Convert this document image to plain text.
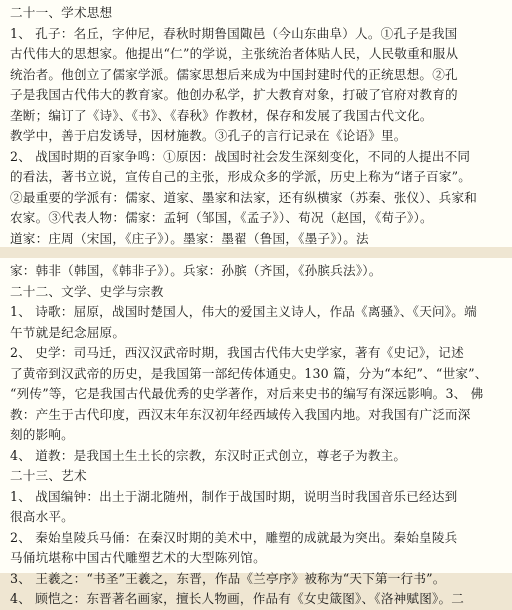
二十一、学术思想
1、 孔子：名丘，字仲尼，春秋时期鲁国陬邑（今山东曲阜）人。①孔子是我国
古代伟大的思想家。他提出“仁”的学说，主张统治者体贴人民，人民敬重和服从
统治者。他创立了儒家学派。儒家思想后来成为中国封建时代的正统思想。②孔
子是我国古代伟大的教育家。他创办私学，扩大教育对象，打破了官府对教育的
垄断；编订了《诗》、《书》、《春秋》作教材，保存和发展了我国古代文化。
教学中，善于启发诱导，因材施教。③孔子的言行记录在《论语》里。
2、 战国时期的百家争鸣：①原因：战国时社会发生深刻变化，不同的人提出不同
的看法，著书立说，宣传自己的主张，形成众多的学派，历史上称为“诸子百家”。
②最重要的学派有：儒家、道家、墨家和法家，还有纵横家（苏秦、张仪）、兵家和
农家。③代表人物：儒家：孟轲（邹国，《孟子》）、荀况（赵国，《荀子》）。
道家：庄周（宋国，《庄子》）。墨家：墨翟（鲁国，《墨子》）。法
家：韩非（韩国，《韩非子》）。兵家：孙膑（齐国，《孙膑兵法》）。
二十二、文学、史学与宗教
1、 诗歌：屈原，战国时楚国人，伟大的爱国主义诗人，作品《离骚》、《天问》。端
午节就是纪念屈原。
2、 史学：司马迁，西汉汉武帝时期，我国古代伟大史学家，著有《史记》，记述
了黄帝到汉武帝的历史，是我国第一部纪传体通史。130 篇，分为“本纪”、“世家”、
“列传”等，它是我国古代最优秀的史学著作，对后来史书的编写有深远影响。3、 佛
教：产生于古代印度，西汉末年东汉初年经西域传入我国内地。对我国有广泛而深
刻的影响。
4、 道教：是我国土生土长的宗教，东汉时正式创立，尊老子为教主。
二十三、艺术
1、 战国编钟：出土于湖北随州，制作于战国时期，说明当时我国音乐已经达到
很高水平。
2、 秦始皇陵兵马俑：在秦汉时期的美术中，雕塑的成就最为突出。秦始皇陵兵
马俑坑堪称中国古代雕塑艺术的大型陈列馆。
3、 王羲之：“书圣”王羲之，东晋，作品《兰亭序》被称为“天下第一行书”。
4、 顾恺之：东晋著名画家，擅长人物画，作品有《女史箴图》、《洛神赋图》。二
